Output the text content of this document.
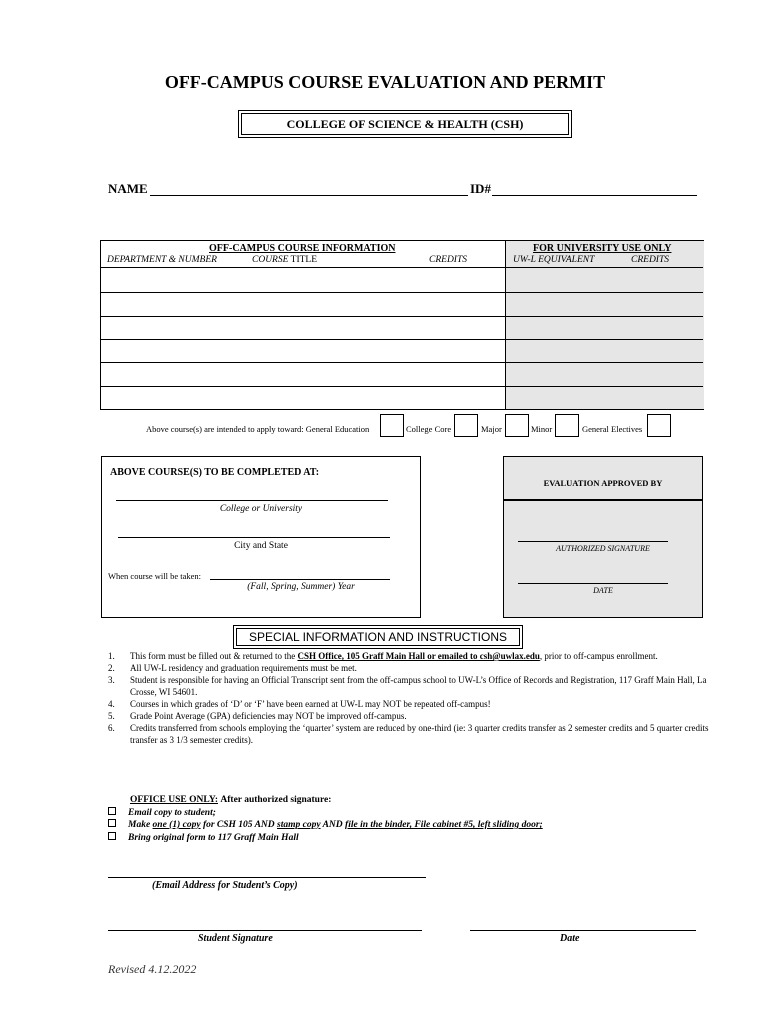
OFF-CAMPUS COURSE EVALUATION AND PERMIT
COLLEGE OF SCIENCE & HEALTH (CSH)
NAME	ID#
OFF-CAMPUS COURSE INFORMATION	FOR UNIVERSITY USE ONLY
DEPARTMENT & NUMBER	COURSE TITLE	CREDITS	UW-L EQUIVALENT	CREDITS
Above course(s) are intended to apply toward: General Education	College Core	Major	Minor	General Electives
ABOVE COURSE(S) TO BE COMPLETED AT:
College or University
City and State
When course will be taken:
(Fall, Spring, Summer) Year
EVALUATION APPROVED BY
AUTHORIZED SIGNATURE
DATE
SPECIAL INFORMATION AND INSTRUCTIONS
1. This form must be filled out & returned to the CSH Office, 105 Graff Main Hall or emailed to csh@uwlax.edu, prior to off-campus enrollment.
2. All UW-L residency and graduation requirements must be met.
3. Student is responsible for having an Official Transcript sent from the off-campus school to UW-L’s Office of Records and Registration, 117 Graff Main Hall, La Crosse, WI 54601.
4. Courses in which grades of ‘D’ or ‘F’ have been earned at UW-L may NOT be repeated off-campus!
5. Grade Point Average (GPA) deficiencies may NOT be improved off-campus.
6. Credits transferred from schools employing the ‘quarter’ system are reduced by one-third (ie: 3 quarter credits transfer as 2 semester credits and 5 quarter credits transfer as 3 1/3 semester credits).
OFFICE USE ONLY: After authorized signature:
Email copy to student;
Make one (1) copy for CSH 105 AND stamp copy AND file in the binder, File cabinet #5, left sliding door;
Bring original form to 117 Graff Main Hall
(Email Address for Student’s Copy)
Student Signature	Date
Revised 4.12.2022
